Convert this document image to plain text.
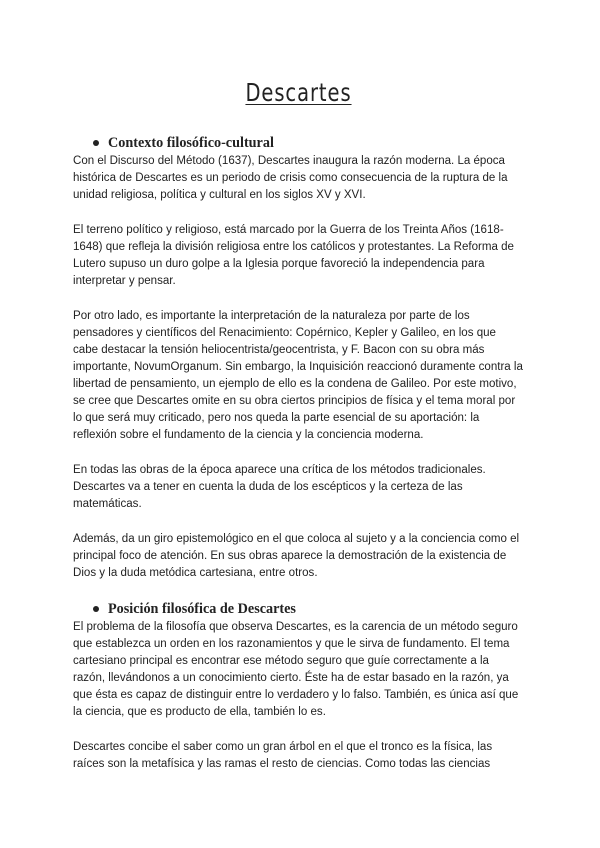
Descartes
Contexto filosófico-cultural

Con el Discurso del Método (1637), Descartes inaugura la razón moderna. La época histórica de Descartes es un periodo de crisis como consecuencia de la ruptura de la unidad religiosa, política y cultural en los siglos XV y XVI.

El terreno político y religioso, está marcado por la Guerra de los Treinta Años (1618-1648) que refleja la división religiosa entre los católicos y protestantes. La Reforma de Lutero supuso un duro golpe a la Iglesia porque favoreció la independencia para interpretar y pensar.

Por otro lado, es importante la interpretación de la naturaleza por parte de los pensadores y científicos del Renacimiento: Copérnico, Kepler y Galileo, en los que cabe destacar la tensión heliocentrista/geocentrista, y F. Bacon con su obra más importante, NovumOrganum. Sin embargo, la Inquisición reaccionó duramente contra la libertad de pensamiento, un ejemplo de ello es la condena de Galileo. Por este motivo, se cree que Descartes omite en su obra ciertos principios de física y el tema moral por lo que será muy criticado, pero nos queda la parte esencial de su aportación: la reflexión sobre el fundamento de la ciencia y la conciencia moderna.

En todas las obras de la época aparece una crítica de los métodos tradicionales. Descartes va a tener en cuenta la duda de los escépticos y la certeza de las matemáticas.

Además, da un giro epistemológico en el que coloca al sujeto y a la conciencia como el principal foco de atención. En sus obras aparece la demostración de la existencia de Dios y la duda metódica cartesiana, entre otros.

Posición filosófica de Descartes

El problema de la filosofía que observa Descartes, es la carencia de un método seguro que establezca un orden en los razonamientos y que le sirva de fundamento. El tema cartesiano principal es encontrar ese método seguro que guíe correctamente a la razón, llevándonos a un conocimiento cierto. Éste ha de estar basado en la razón, ya que ésta es capaz de distinguir entre lo verdadero y lo falso. También, es única así que la ciencia, que es producto de ella, también lo es.

Descartes concibe el saber como un gran árbol en el que el tronco es la física, las raíces son la metafísica y las ramas el resto de ciencias. Como todas las ciencias
